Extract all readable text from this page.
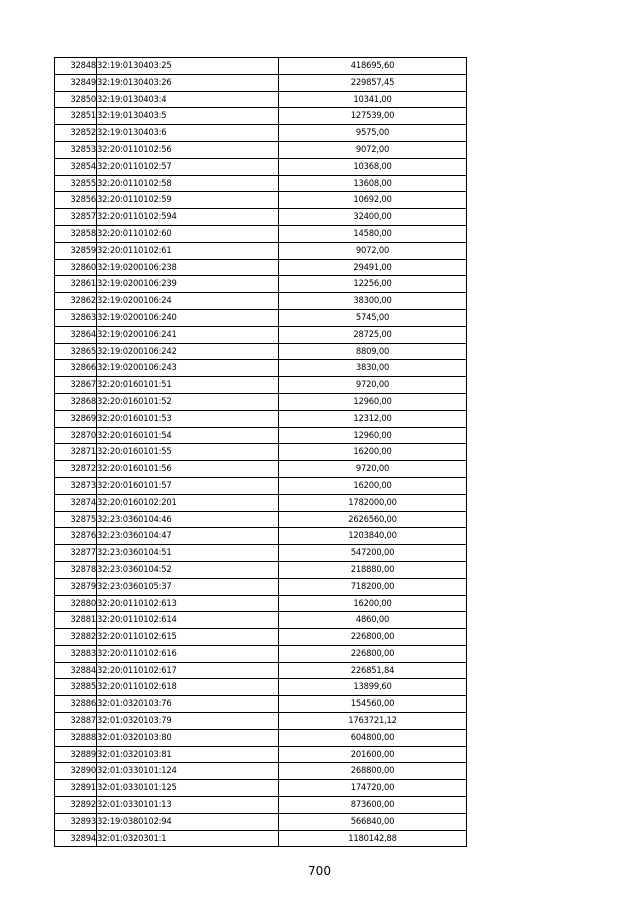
32848	32:19:0130403:25	418695,60
32849	32:19:0130403:26	229857,45
32850	32:19:0130403:4	10341,00
32851	32:19:0130403:5	127539,00
32852	32:19:0130403:6	9575,00
32853	32:20:0110102:56	9072,00
32854	32:20:0110102:57	10368,00
32855	32:20:0110102:58	13608,00
32856	32:20:0110102:59	10692,00
32857	32:20:0110102:594	32400,00
32858	32:20:0110102:60	14580,00
32859	32:20:0110102:61	9072,00
32860	32:19:0200106:238	29491,00
32861	32:19:0200106:239	12256,00
32862	32:19:0200106:24	38300,00
32863	32:19:0200106:240	5745,00
32864	32:19:0200106:241	28725,00
32865	32:19:0200106:242	8809,00
32866	32:19:0200106:243	3830,00
32867	32:20:0160101:51	9720,00
32868	32:20:0160101:52	12960,00
32869	32:20:0160101:53	12312,00
32870	32:20:0160101:54	12960,00
32871	32:20:0160101:55	16200,00
32872	32:20:0160101:56	9720,00
32873	32:20:0160101:57	16200,00
32874	32:20:0160102:201	1782000,00
32875	32:23:0360104:46	2626560,00
32876	32:23:0360104:47	1203840,00
32877	32:23:0360104:51	547200,00
32878	32:23:0360104:52	218880,00
32879	32:23:0360105:37	718200,00
32880	32:20:0110102:613	16200,00
32881	32:20:0110102:614	4860,00
32882	32:20:0110102:615	226800,00
32883	32:20:0110102:616	226800,00
32884	32:20:0110102:617	226851,84
32885	32:20:0110102:618	13899,60
32886	32:01:0320103:76	154560,00
32887	32:01:0320103:79	1763721,12
32888	32:01:0320103:80	604800,00
32889	32:01:0320103:81	201600,00
32890	32:01:0330101:124	268800,00
32891	32:01:0330101:125	174720,00
32892	32:01:0330101:13	873600,00
32893	32:19:0380102:94	566840,00
32894	32:01:0320301:1	1180142,88
700
